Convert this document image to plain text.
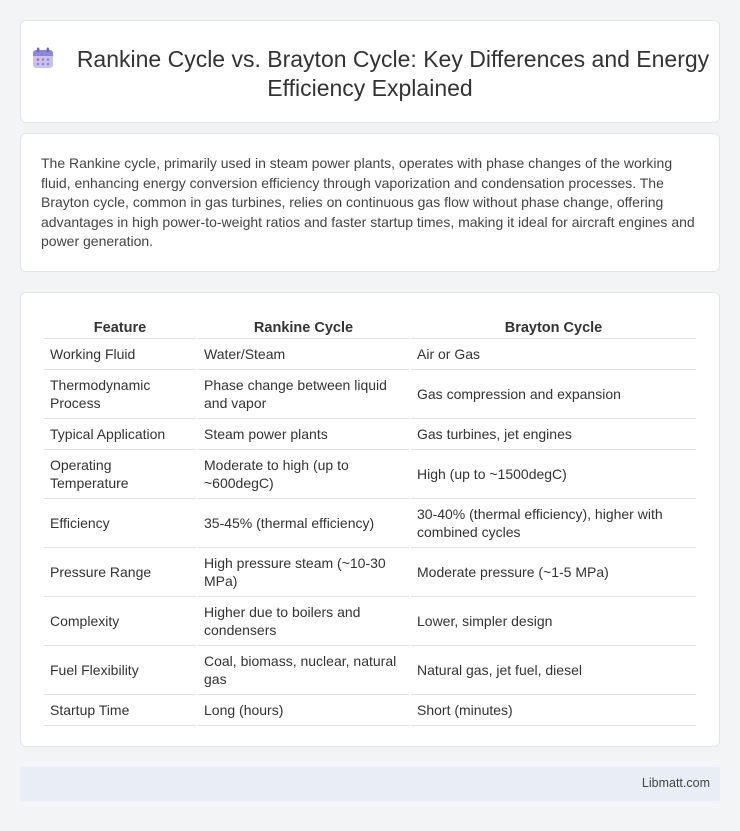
Rankine Cycle vs. Brayton Cycle: Key Differences and Energy Efficiency Explained

The Rankine cycle, primarily used in steam power plants, operates with phase changes of the working fluid, enhancing energy conversion efficiency through vaporization and condensation processes. The Brayton cycle, common in gas turbines, relies on continuous gas flow without phase change, offering advantages in high power-to-weight ratios and faster startup times, making it ideal for aircraft engines and power generation.

Feature	Rankine Cycle	Brayton Cycle
Working Fluid	Water/Steam	Air or Gas
Thermodynamic Process	Phase change between liquid and vapor	Gas compression and expansion
Typical Application	Steam power plants	Gas turbines, jet engines
Operating Temperature	Moderate to high (up to ~600degC)	High (up to ~1500degC)
Efficiency	35-45% (thermal efficiency)	30-40% (thermal efficiency), higher with combined cycles
Pressure Range	High pressure steam (~10-30 MPa)	Moderate pressure (~1-5 MPa)
Complexity	Higher due to boilers and condensers	Lower, simpler design
Fuel Flexibility	Coal, biomass, nuclear, natural gas	Natural gas, jet fuel, diesel
Startup Time	Long (hours)	Short (minutes)
Libmatt.com
